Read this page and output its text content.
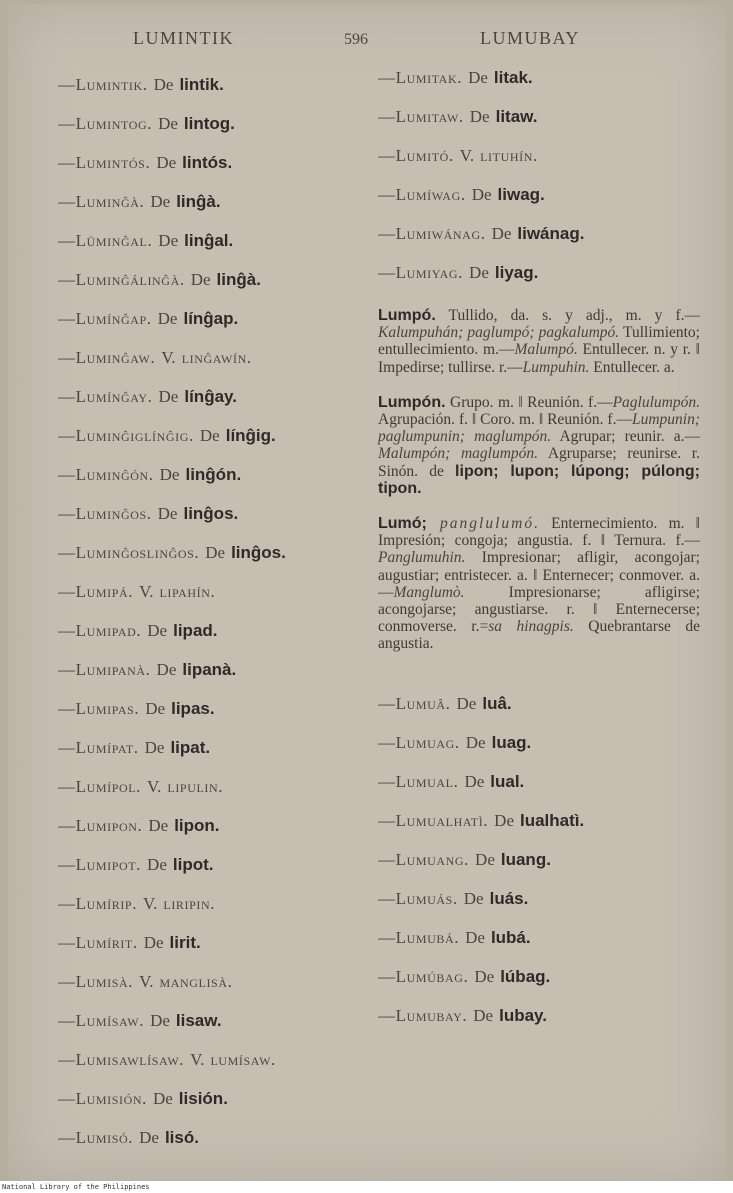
LUMINTIK	596	LUMUBAY
—Lumintik. De lintik.
—Lumintog. De lintog.
—Lumintós. De lintós.
—Luminĝà. De linĝà.
—Lüminĝal. De linĝal.
—Luminĝálinĝà. De linĝà.
—Lumínĝap. De línĝap.
—Luminĝaw. V. linĝawín.
—Lumínĝay. De línĝay.
—Luminĝiglínĝig. De línĝig.
—Luminĝón. De linĝón.
—Luminĝos. De linĝos.
—Luminĝoslinĝos. De linĝos.
—Lumipá. V. lipahín.
—Lumipad. De lipad.
—Lumipanà. De lipanà.
—Lumipas. De lipas.
—Lumípat. De lipat.
—Lumípol. V. lipulin.
—Lumipon. De lipon.
—Lumipot. De lipot.
—Lumírip. V. liripin.
—Lumírit. De lirit.
—Lumisà. V. manglisà.
—Lumísaw. De lisaw.
—Lumisawlísaw. V. lumísaw.
—Lumisión. De lisión.
—Lumisó. De lisó.
—Lumitak. De litak.
—Lumitaw. De litaw.
—Lumitó. V. lituhín.
—Lumíwag. De liwag.
—Lumiwánag. De liwánag.
—Lumiyag. De liyag.
Lumpó. Tullido, da. s. y adj., m. y f.—Kalumpuhán; paglumpó; pagkalumpó. Tullimiento; entullecimiento. m.—Malumpó. Entullecer. n. y r. ‖ Impedirse; tullirse. r.—Lumpuhin. Entullecer. a.
Lumpón. Grupo. m. ‖ Reunión. f.—Paglulumpón. Agrupación. f. ‖ Coro. m. ‖ Reunión. f.—Lumpunin; paglumpunin; maglumpón. Agrupar; reunir. a.—Malumpón; maglumpón. Agruparse; reunirse. r. Sinón. de lipon; lupon; lúpong; púlong; tipon.
Lumó; panglulumó. Enternecimiento. m. ‖ Impresión; congoja; angustia. f. ‖ Ternura. f.—Panglumuhin. Impresionar; afligir, acongojar; augustiar; entristecer. a. ‖ Enternecer; conmover. a.—Manglumò. Impresionarse; afligirse; acongojarse; angustiarse. r. ‖ Enternecerse; conmoverse. r.=sa hinagpis. Quebrantarse de angustia.
—Lumuâ. De luâ.
—Lumuag. De luag.
—Lumual. De lual.
—Lumualhatì. De lualhatì.
—Lumuang. De luang.
—Lumuás. De luás.
—Lumubá. De lubá.
—Lumúbag. De lúbag.
—Lumubay. De lubay.
National Library of the Philippines
